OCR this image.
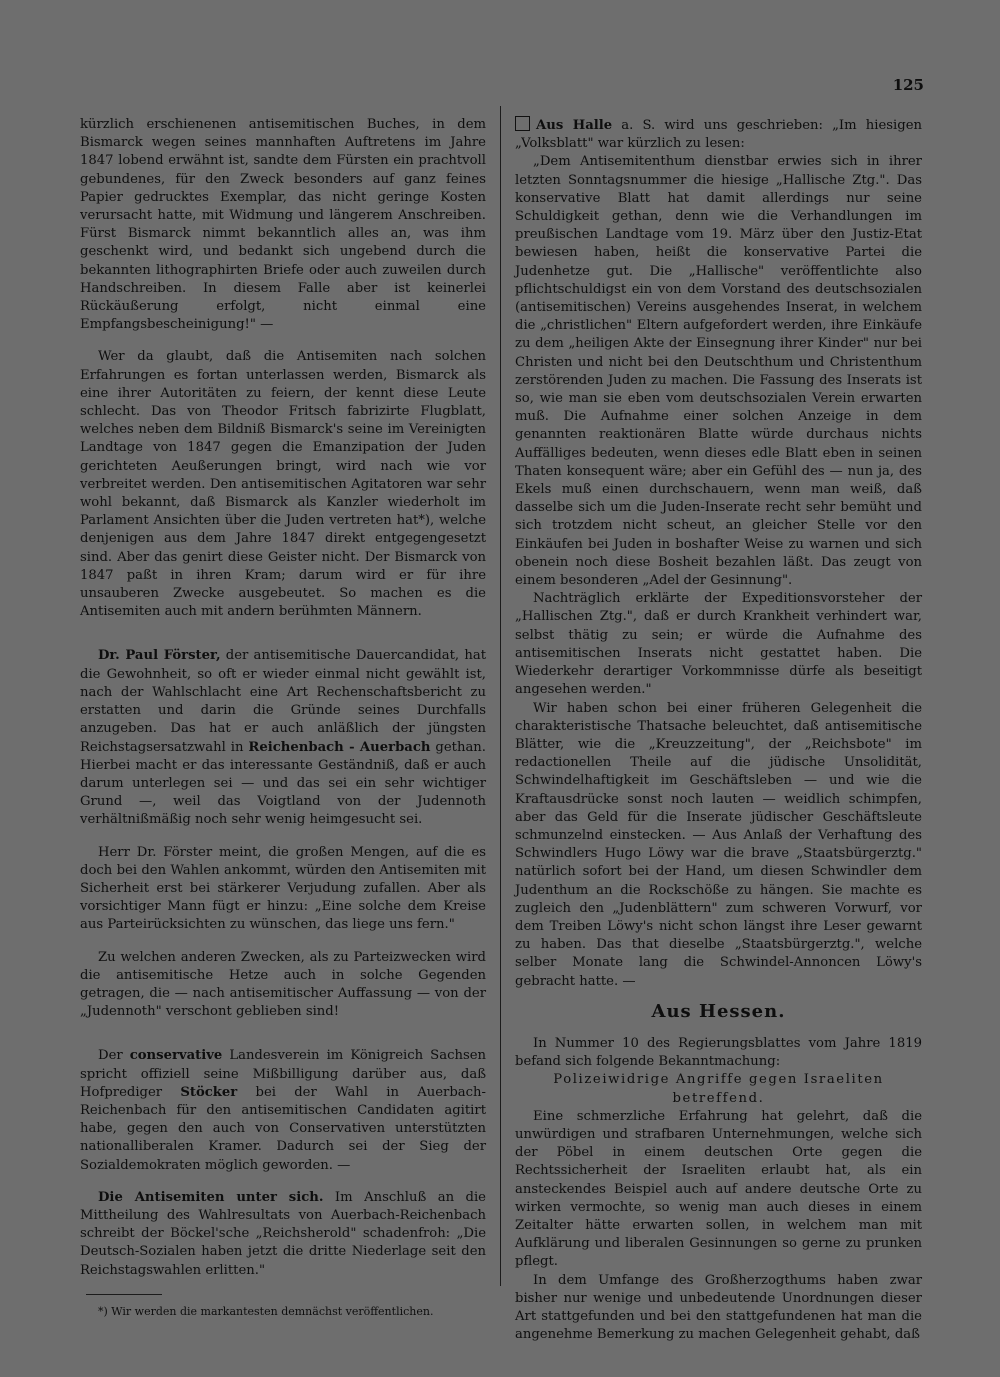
125

kürzlich erschienenen antisemitischen Buches, in dem Bismarck wegen seines mannhaften Auftretens im Jahre 1847 lobend erwähnt ist, sandte dem Fürsten ein prachtvoll gebundenes, für den Zweck besonders auf ganz feines Papier gedrucktes Exemplar, das nicht geringe Kosten verursacht hatte, mit Widmung und längerem Anschreiben. Fürst Bismarck nimmt bekanntlich alles an, was ihm geschenkt wird, und bedankt sich ungebend durch die bekannten lithographirten Briefe oder auch zuweilen durch Handschreiben. In diesem Falle aber ist keinerlei Rückäußerung erfolgt, nicht einmal eine Empfangsbescheinigung!" —

Wer da glaubt, daß die Antisemiten nach solchen Erfahrungen es fortan unterlassen werden, Bismarck als eine ihrer Autoritäten zu feiern, der kennt diese Leute schlecht. Das von Theodor Fritsch fabrizirte Flugblatt, welches neben dem Bildniß Bismarck's seine im Vereinigten Landtage von 1847 gegen die Emanzipation der Juden gerichteten Aeußerungen bringt, wird nach wie vor verbreitet werden. Den antisemitischen Agitatoren war sehr wohl bekannt, daß Bismarck als Kanzler wiederholt im Parlament Ansichten über die Juden vertreten hat*), welche denjenigen aus dem Jahre 1847 direkt entgegengesetzt sind. Aber das genirt diese Geister nicht. Der Bismarck von 1847 paßt in ihren Kram; darum wird er für ihre unsauberen Zwecke ausgebeutet. So machen es die Antisemiten auch mit andern berühmten Männern.

Dr. Paul Förster, der antisemitische Dauercandidat, hat die Gewohnheit, so oft er wieder einmal nicht gewählt ist, nach der Wahlschlacht eine Art Rechenschaftsbericht zu erstatten und darin die Gründe seines Durchfalls anzugeben. Das hat er auch anläßlich der jüngsten Reichstagsersatzwahl in Reichenbach - Auerbach gethan. Hierbei macht er das interessante Geständniß, daß er auch darum unterlegen sei — und das sei ein sehr wichtiger Grund —, weil das Voigtland von der Judennoth verhältnißmäßig noch sehr wenig heimgesucht sei.

Herr Dr. Förster meint, die großen Mengen, auf die es doch bei den Wahlen ankommt, würden den Antisemiten mit Sicherheit erst bei stärkerer Verjudung zufallen. Aber als vorsichtiger Mann fügt er hinzu: „Eine solche dem Kreise aus Parteirücksichten zu wünschen, das liege uns fern."

Zu welchen anderen Zwecken, als zu Parteizwecken wird die antisemitische Hetze auch in solche Gegenden getragen, die — nach antisemitischer Auffassung — von der „Judennoth" verschont geblieben sind!

Der conservative Landesverein im Königreich Sachsen spricht offiziell seine Mißbilligung darüber aus, daß Hofprediger Stöcker bei der Wahl in Auerbach-Reichenbach für den antisemitischen Candidaten agitirt habe, gegen den auch von Conservativen unterstützten nationalliberalen Kramer. Dadurch sei der Sieg der Sozialdemokraten möglich geworden. —

Die Antisemiten unter sich. Im Anschluß an die Mittheilung des Wahlresultats von Auerbach-Reichenbach schreibt der Böckel'sche „Reichsherold" schadenfroh: „Die Deutsch-Sozialen haben jetzt die dritte Niederlage seit den Reichstagswahlen erlitten."

*) Wir werden die markantesten demnächst veröffentlichen.

Aus Halle a. S. wird uns geschrieben: „Im hiesigen „Volksblatt" war kürzlich zu lesen:

„Dem Antisemitenthum dienstbar erwies sich in ihrer letzten Sonntagsnummer die hiesige „Hallische Ztg.". Das konservative Blatt hat damit allerdings nur seine Schuldigkeit gethan, denn wie die Verhandlungen im preußischen Landtage vom 19. März über den Justiz-Etat bewiesen haben, heißt die konservative Partei die Judenhetze gut. Die „Hallische" veröffentlichte also pflichtschuldigst ein von dem Vorstand des deutschsozialen (antisemitischen) Vereins ausgehendes Inserat, in welchem die „christlichen" Eltern aufgefordert werden, ihre Einkäufe zu dem „heiligen Akte der Einsegnung ihrer Kinder" nur bei Christen und nicht bei den Deutschthum und Christenthum zerstörenden Juden zu machen. Die Fassung des Inserats ist so, wie man sie eben vom deutschsozialen Verein erwarten muß. Die Aufnahme einer solchen Anzeige in dem genannten reaktionären Blatte würde durchaus nichts Auffälliges bedeuten, wenn dieses edle Blatt eben in seinen Thaten konsequent wäre; aber ein Gefühl des — nun ja, des Ekels muß einen durchschauern, wenn man weiß, daß dasselbe sich um die Juden-Inserate recht sehr bemüht und sich trotzdem nicht scheut, an gleicher Stelle vor den Einkäufen bei Juden in boshafter Weise zu warnen und sich obenein noch diese Bosheit bezahlen läßt. Das zeugt von einem besonderen „Adel der Gesinnung".

Nachträglich erklärte der Expeditionsvorsteher der „Hallischen Ztg.", daß er durch Krankheit verhindert war, selbst thätig zu sein; er würde die Aufnahme des antisemitischen Inserats nicht gestattet haben. Die Wiederkehr derartiger Vorkommnisse dürfe als beseitigt angesehen werden."

Wir haben schon bei einer früheren Gelegenheit die charakteristische Thatsache beleuchtet, daß antisemitische Blätter, wie die „Kreuzzeitung", der „Reichsbote" im redactionellen Theile auf die jüdische Unsolidität, Schwindelhaftigkeit im Geschäftsleben — und wie die Kraftausdrücke sonst noch lauten — weidlich schimpfen, aber das Geld für die Inserate jüdischer Geschäftsleute schmunzelnd einstecken. — Aus Anlaß der Verhaftung des Schwindlers Hugo Löwy war die brave „Staatsbürgerztg." natürlich sofort bei der Hand, um diesen Schwindler dem Judenthum an die Rockschöße zu hängen. Sie machte es zugleich den „Judenblättern" zum schweren Vorwurf, vor dem Treiben Löwy's nicht schon längst ihre Leser gewarnt zu haben. Das that dieselbe „Staatsbürgerztg.", welche selber Monate lang die Schwindel-Annoncen Löwy's gebracht hatte. —

Aus Hessen.

In Nummer 10 des Regierungsblattes vom Jahre 1819 befand sich folgende Bekanntmachung:

Polizeiwidrige Angriffe gegen Israeliten betreffend.

Eine schmerzliche Erfahrung hat gelehrt, daß die unwürdigen und strafbaren Unternehmungen, welche sich der Pöbel in einem deutschen Orte gegen die Rechtssicherheit der Israeliten erlaubt hat, als ein ansteckendes Beispiel auch auf andere deutsche Orte zu wirken vermochte, so wenig man auch dieses in einem Zeitalter hätte erwarten sollen, in welchem man mit Aufklärung und liberalen Gesinnungen so gerne zu prunken pflegt.

In dem Umfange des Großherzogthums haben zwar bisher nur wenige und unbedeutende Unordnungen dieser Art stattgefunden und bei den stattgefundenen hat man die angenehme Bemerkung zu machen Gelegenheit gehabt, daß
